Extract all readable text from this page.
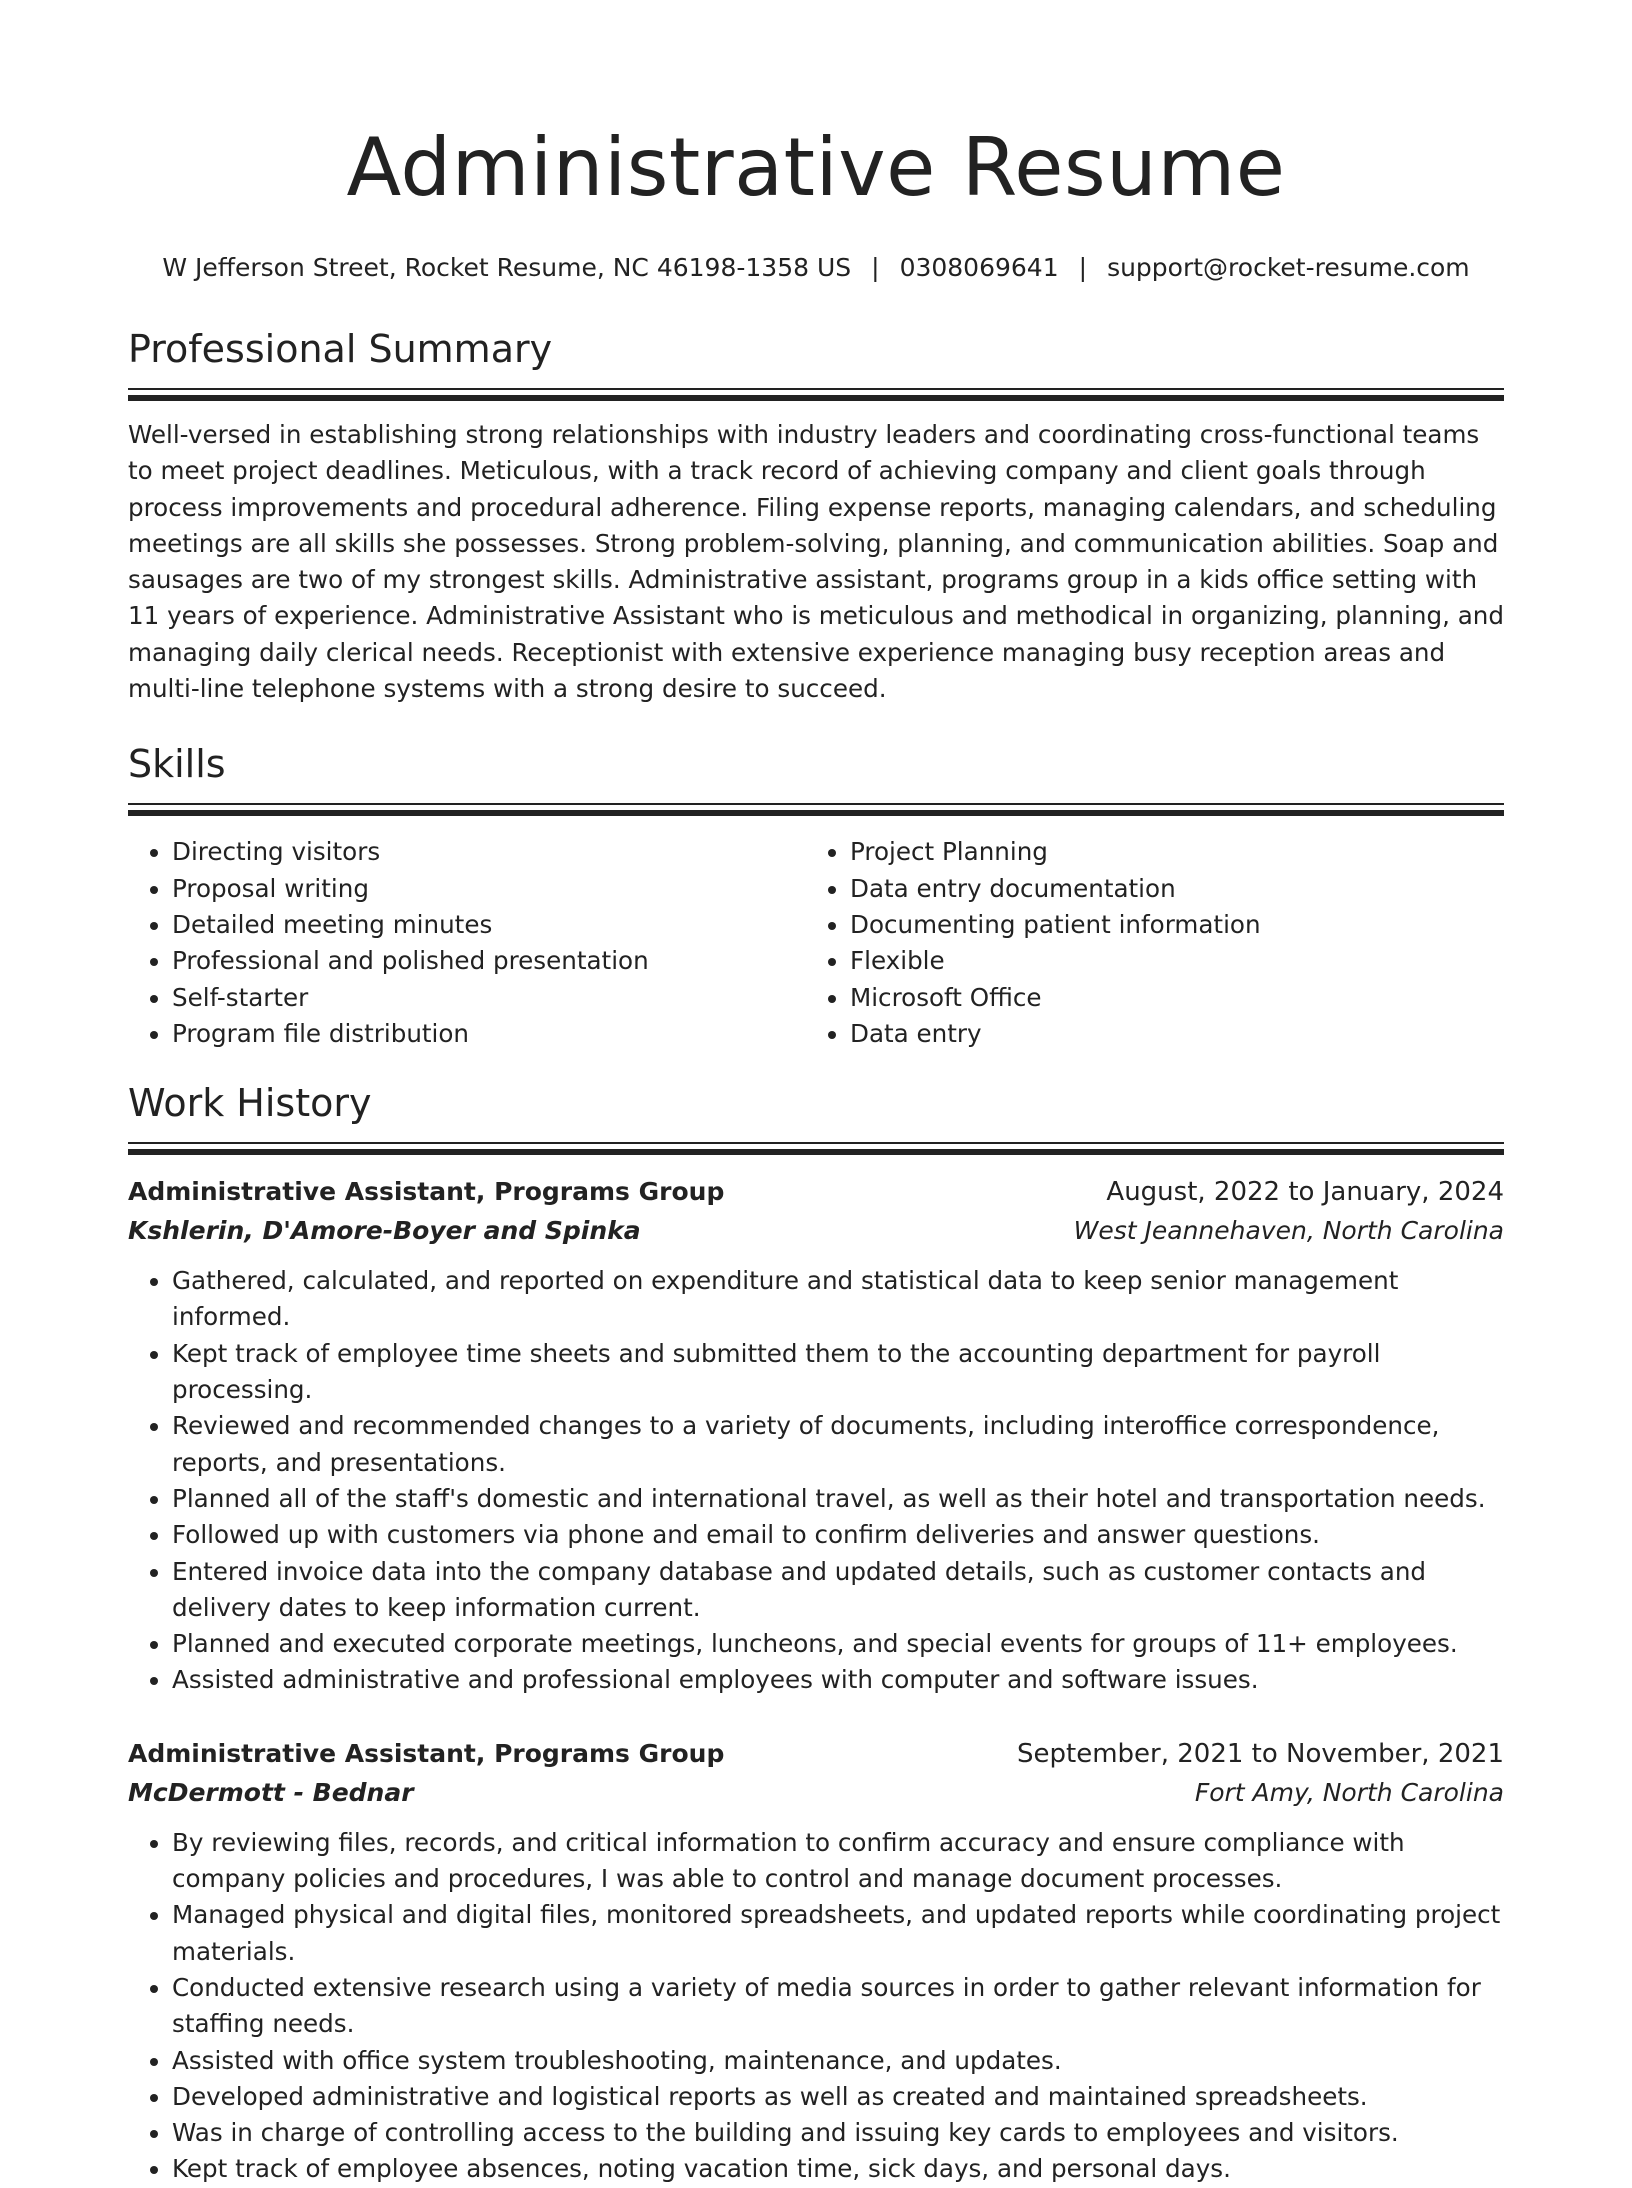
Administrative Resume
W Jefferson Street, Rocket Resume, NC 46198-1358 US | 0308069641 | support@rocket-resume.com
Professional Summary
Well-versed in establishing strong relationships with industry leaders and coordinating cross-functional teams to meet project deadlines. Meticulous, with a track record of achieving company and client goals through process improvements and procedural adherence. Filing expense reports, managing calendars, and scheduling meetings are all skills she possesses. Strong problem-solving, planning, and communication abilities. Soap and sausages are two of my strongest skills. Administrative assistant, programs group in a kids office setting with 11 years of experience. Administrative Assistant who is meticulous and methodical in organizing, planning, and managing daily clerical needs. Receptionist with extensive experience managing busy reception areas and multi-line telephone systems with a strong desire to succeed.
Skills
• Directing visitors
• Proposal writing
• Detailed meeting minutes
• Professional and polished presentation
• Self-starter
• Program file distribution
• Project Planning
• Data entry documentation
• Documenting patient information
• Flexible
• Microsoft Office
• Data entry
Work History
Administrative Assistant, Programs Group	August, 2022 to January, 2024
Kshlerin, D'Amore-Boyer and Spinka	West Jeannehaven, North Carolina
• Gathered, calculated, and reported on expenditure and statistical data to keep senior management informed.
• Kept track of employee time sheets and submitted them to the accounting department for payroll processing.
• Reviewed and recommended changes to a variety of documents, including interoffice correspondence, reports, and presentations.
• Planned all of the staff's domestic and international travel, as well as their hotel and transportation needs.
• Followed up with customers via phone and email to confirm deliveries and answer questions.
• Entered invoice data into the company database and updated details, such as customer contacts and delivery dates to keep information current.
• Planned and executed corporate meetings, luncheons, and special events for groups of 11+ employees.
• Assisted administrative and professional employees with computer and software issues.
Administrative Assistant, Programs Group	September, 2021 to November, 2021
McDermott - Bednar	Fort Amy, North Carolina
• By reviewing files, records, and critical information to confirm accuracy and ensure compliance with company policies and procedures, I was able to control and manage document processes.
• Managed physical and digital files, monitored spreadsheets, and updated reports while coordinating project materials.
• Conducted extensive research using a variety of media sources in order to gather relevant information for staffing needs.
• Assisted with office system troubleshooting, maintenance, and updates.
• Developed administrative and logistical reports as well as created and maintained spreadsheets.
• Was in charge of controlling access to the building and issuing key cards to employees and visitors.
• Kept track of employee absences, noting vacation time, sick days, and personal days.
